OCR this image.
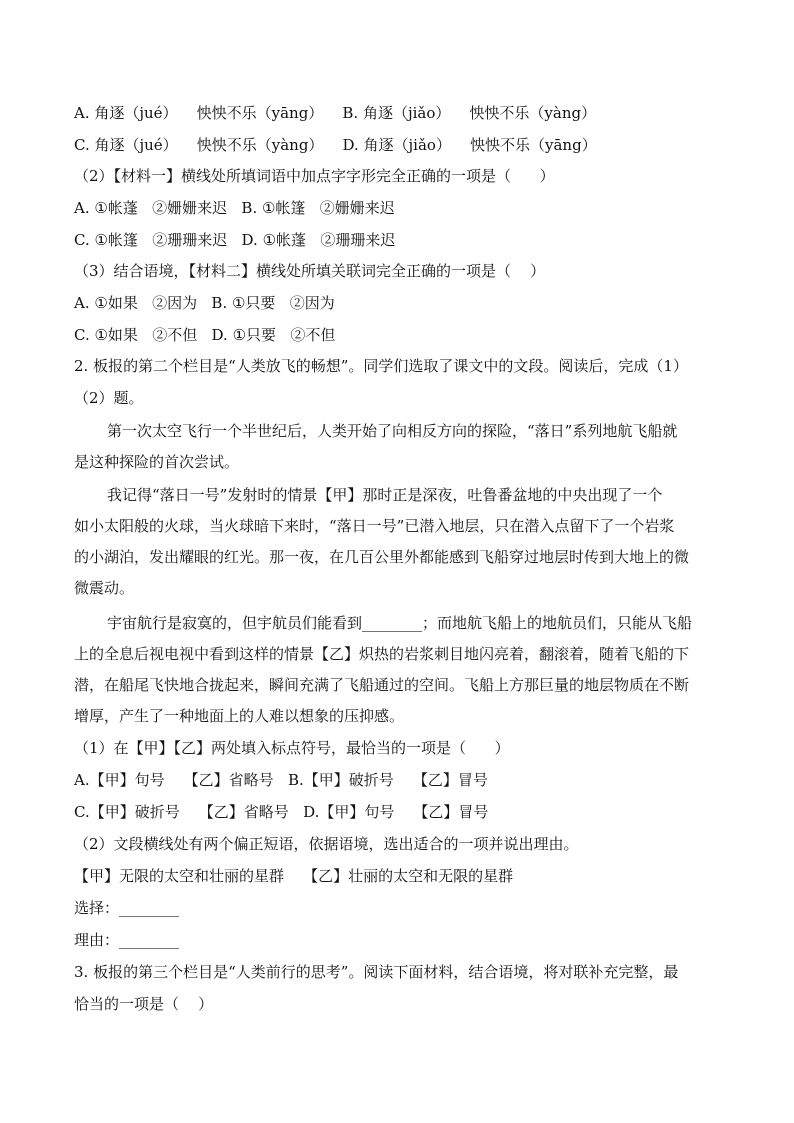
A. 角逐（jué）    怏怏不乐（yāng）    B. 角逐（jiǎo）    怏怏不乐（yàng）
C. 角逐（jué）    怏怏不乐（yàng）    D. 角逐（jiǎo）    怏怏不乐（yāng）
（2）【材料一】横线处所填词语中加点字字形完全正确的一项是（      ）
A. ①帐蓬   ②姗姗来迟   B. ①帐篷   ②姗姗来迟
C. ①帐篷   ②珊珊来迟   D. ①帐蓬   ②珊珊来迟
（3）结合语境，【材料二】横线处所填关联词完全正确的一项是（    ）
A. ①如果   ②因为   B. ①只要   ②因为
C. ①如果   ②不但   D. ①只要   ②不但
2. 板报的第二个栏目是“人类放飞的畅想”。同学们选取了课文中的文段。阅读后，完成（1）
（2）题。
第一次太空飞行一个半世纪后，人类开始了向相反方向的探险，“落日”系列地航飞船就
是这种探险的首次尝试。
我记得“落日一号”发射时的情景【甲】那时正是深夜，吐鲁番盆地的中央出现了一个
如小太阳般的火球，当火球暗下来时，“落日一号”已潜入地层，只在潜入点留下了一个岩浆
的小湖泊，发出耀眼的红光。那一夜，在几百公里外都能感到飞船穿过地层时传到大地上的微
微震动。
宇宙航行是寂寞的，但宇航员们能看到________；而地航飞船上的地航员们，只能从飞船
上的全息后视电视中看到这样的情景【乙】炽热的岩浆刺目地闪亮着，翻滚着，随着飞船的下
潜，在船尾飞快地合拢起来，瞬间充满了飞船通过的空间。飞船上方那巨量的地层物质在不断
增厚，产生了一种地面上的人难以想象的压抑感。
（1）在【甲】【乙】两处填入标点符号，最恰当的一项是（      ）
A.【甲】句号    【乙】省略号   B.【甲】破折号    【乙】冒号
C.【甲】破折号    【乙】省略号   D.【甲】句号    【乙】冒号
（2）文段横线处有两个偏正短语，依据语境，选出适合的一项并说出理由。
【甲】无限的太空和壮丽的星群    【乙】壮丽的太空和无限的星群
选择：________
理由：________
3. 板报的第三个栏目是“人类前行的思考”。阅读下面材料，结合语境，将对联补充完整，最
恰当的一项是（    ）
